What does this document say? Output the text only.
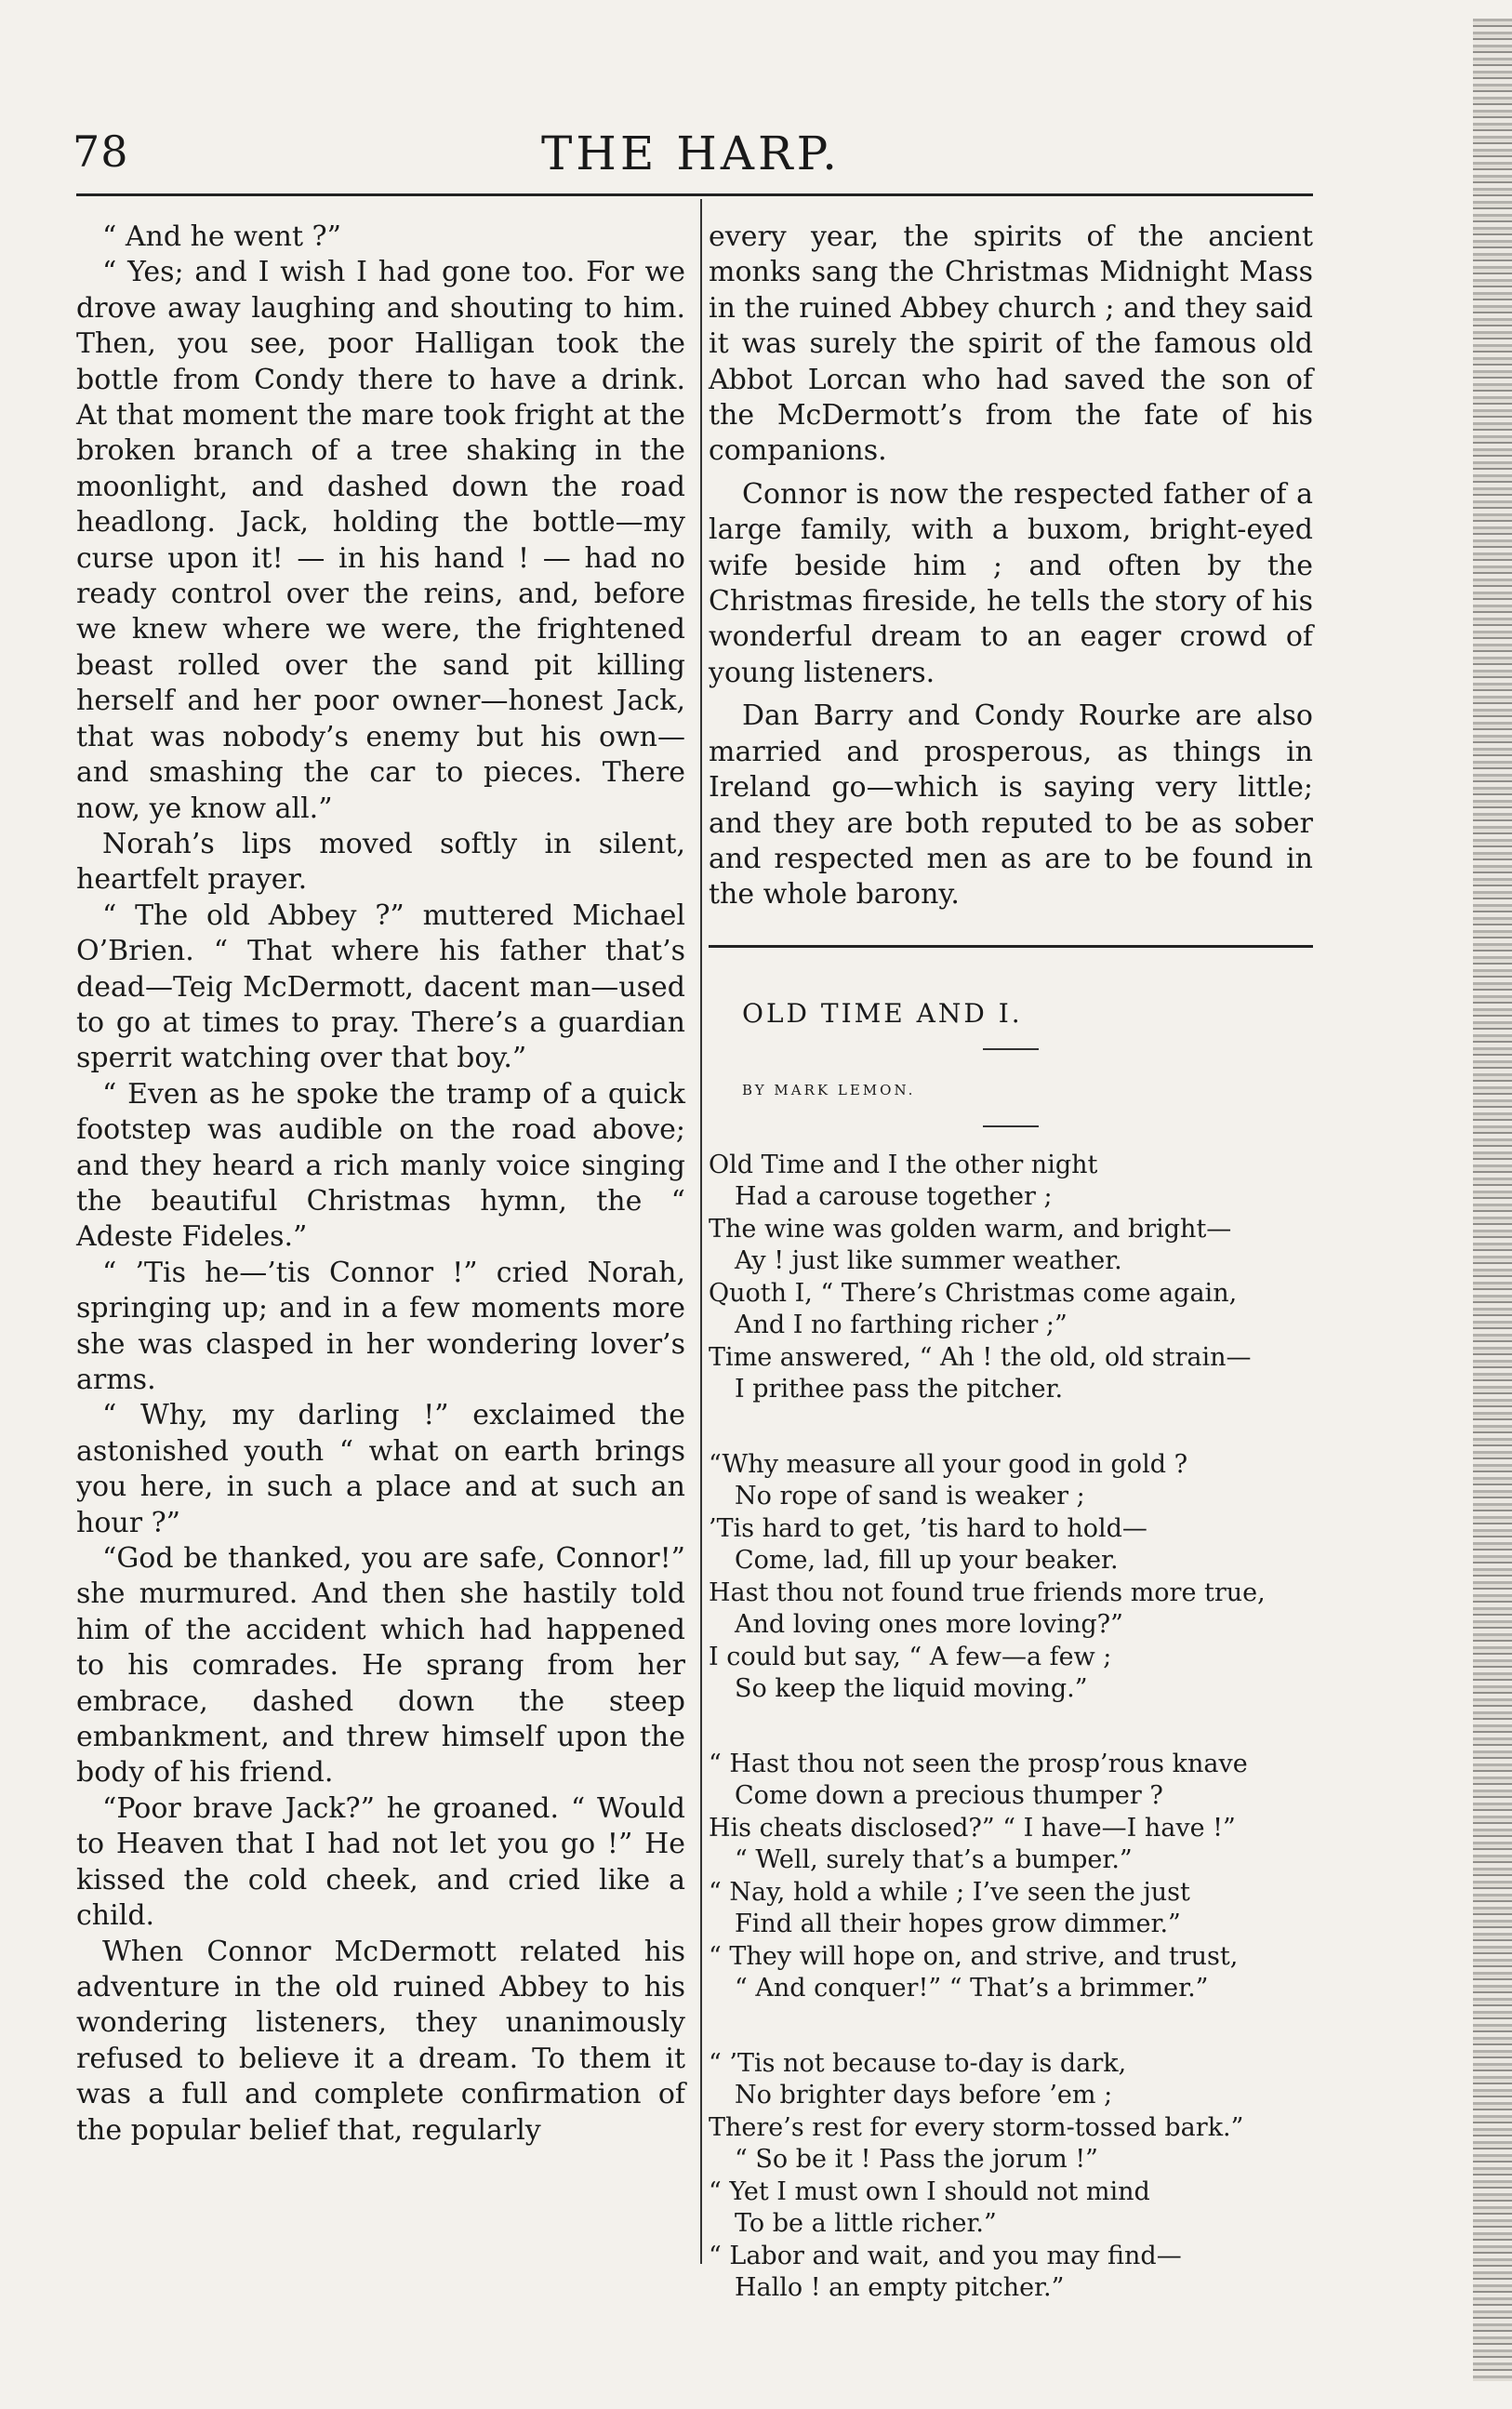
THE HARP.
78

“ And he went ?”

“ Yes; and I wish I had gone too. For we drove away laughing and shouting to him. Then, you see, poor Halligan took the bottle from Condy there to have a drink. At that moment the mare took fright at the broken branch of a tree shaking in the moonlight, and dashed down the road headlong. Jack, holding the bottle—my curse upon it! — in his hand ! — had no ready control over the reins, and, before we knew where we were, the frightened beast rolled over the sand pit killing herself and her poor owner—honest Jack, that was nobody’s enemy but his own—and smashing the car to pieces. There now, ye know all.”

Norah’s lips moved softly in silent, heartfelt prayer.

“ The old Abbey ?” muttered Michael O’Brien. “ That where his father that’s dead—Teig McDermott, dacent man—used to go at times to pray. There’s a guardian sperrit watching over that boy.”

“ Even as he spoke the tramp of a quick footstep was audible on the road above; and they heard a rich manly voice singing the beautiful Christmas hymn, the “ Adeste Fideles.”

“ ’Tis he—’tis Connor !” cried Norah, springing up; and in a few moments more she was clasped in her wondering lover’s arms.

“ Why, my darling !” exclaimed the astonished youth “ what on earth brings you here, in such a place and at such an hour ?”

“God be thanked, you are safe, Connor!” she murmured. And then she hastily told him of the accident which had happened to his comrades. He sprang from her embrace, dashed down the steep embankment, and threw himself upon the body of his friend.

“Poor brave Jack?” he groaned. “ Would to Heaven that I had not let you go !” He kissed the cold cheek, and cried like a child.

When Connor McDermott related his adventure in the old ruined Abbey to his wondering listeners, they unanimously refused to believe it a dream. To them it was a full and complete confirmation of the popular belief that, regularly

every year, the spirits of the ancient monks sang the Christmas Midnight Mass in the ruined Abbey church ; and they said it was surely the spirit of the famous old Abbot Lorcan who had saved the son of the McDermott’s from the fate of his companions.

Connor is now the respected father of a large family, with a buxom, bright-eyed wife beside him ; and often by the Christmas fireside, he tells the story of his wonderful dream to an eager crowd of young listeners.

Dan Barry and Condy Rourke are also married and prosperous, as things in Ireland go—which is saying very little; and they are both reputed to be as sober and respected men as are to be found in the whole barony.

OLD TIME AND I.

BY MARK LEMON.

Old Time and I the other night
Had a carouse together ;
The wine was golden warm, and bright—
Ay ! just like summer weather.
Quoth I, “ There’s Christmas come again,
And I no farthing richer ;”
Time answered, “ Ah ! the old, old strain—
I prithee pass the pitcher.
“Why measure all your good in gold ?
No rope of sand is weaker ;
’Tis hard to get, ’tis hard to hold—
Come, lad, fill up your beaker.
Hast thou not found true friends more true,
And loving ones more loving?”
I could but say, “ A few—a few ;
So keep the liquid moving.”
“ Hast thou not seen the prosp’rous knave
Come down a precious thumper ?
His cheats disclosed?” “ I have—I have !”
“ Well, surely that’s a bumper.”
“ Nay, hold a while ; I’ve seen the just
Find all their hopes grow dimmer.”
“ They will hope on, and strive, and trust,
“ And conquer!” “ That’s a brimmer.”
“ ’Tis not because to-day is dark,
No brighter days before ’em ;
There’s rest for every storm-tossed bark.”
“ So be it ! Pass the jorum !”
“ Yet I must own I should not mind
To be a little richer.”
“ Labor and wait, and you may find—
Hallo ! an empty pitcher.”
